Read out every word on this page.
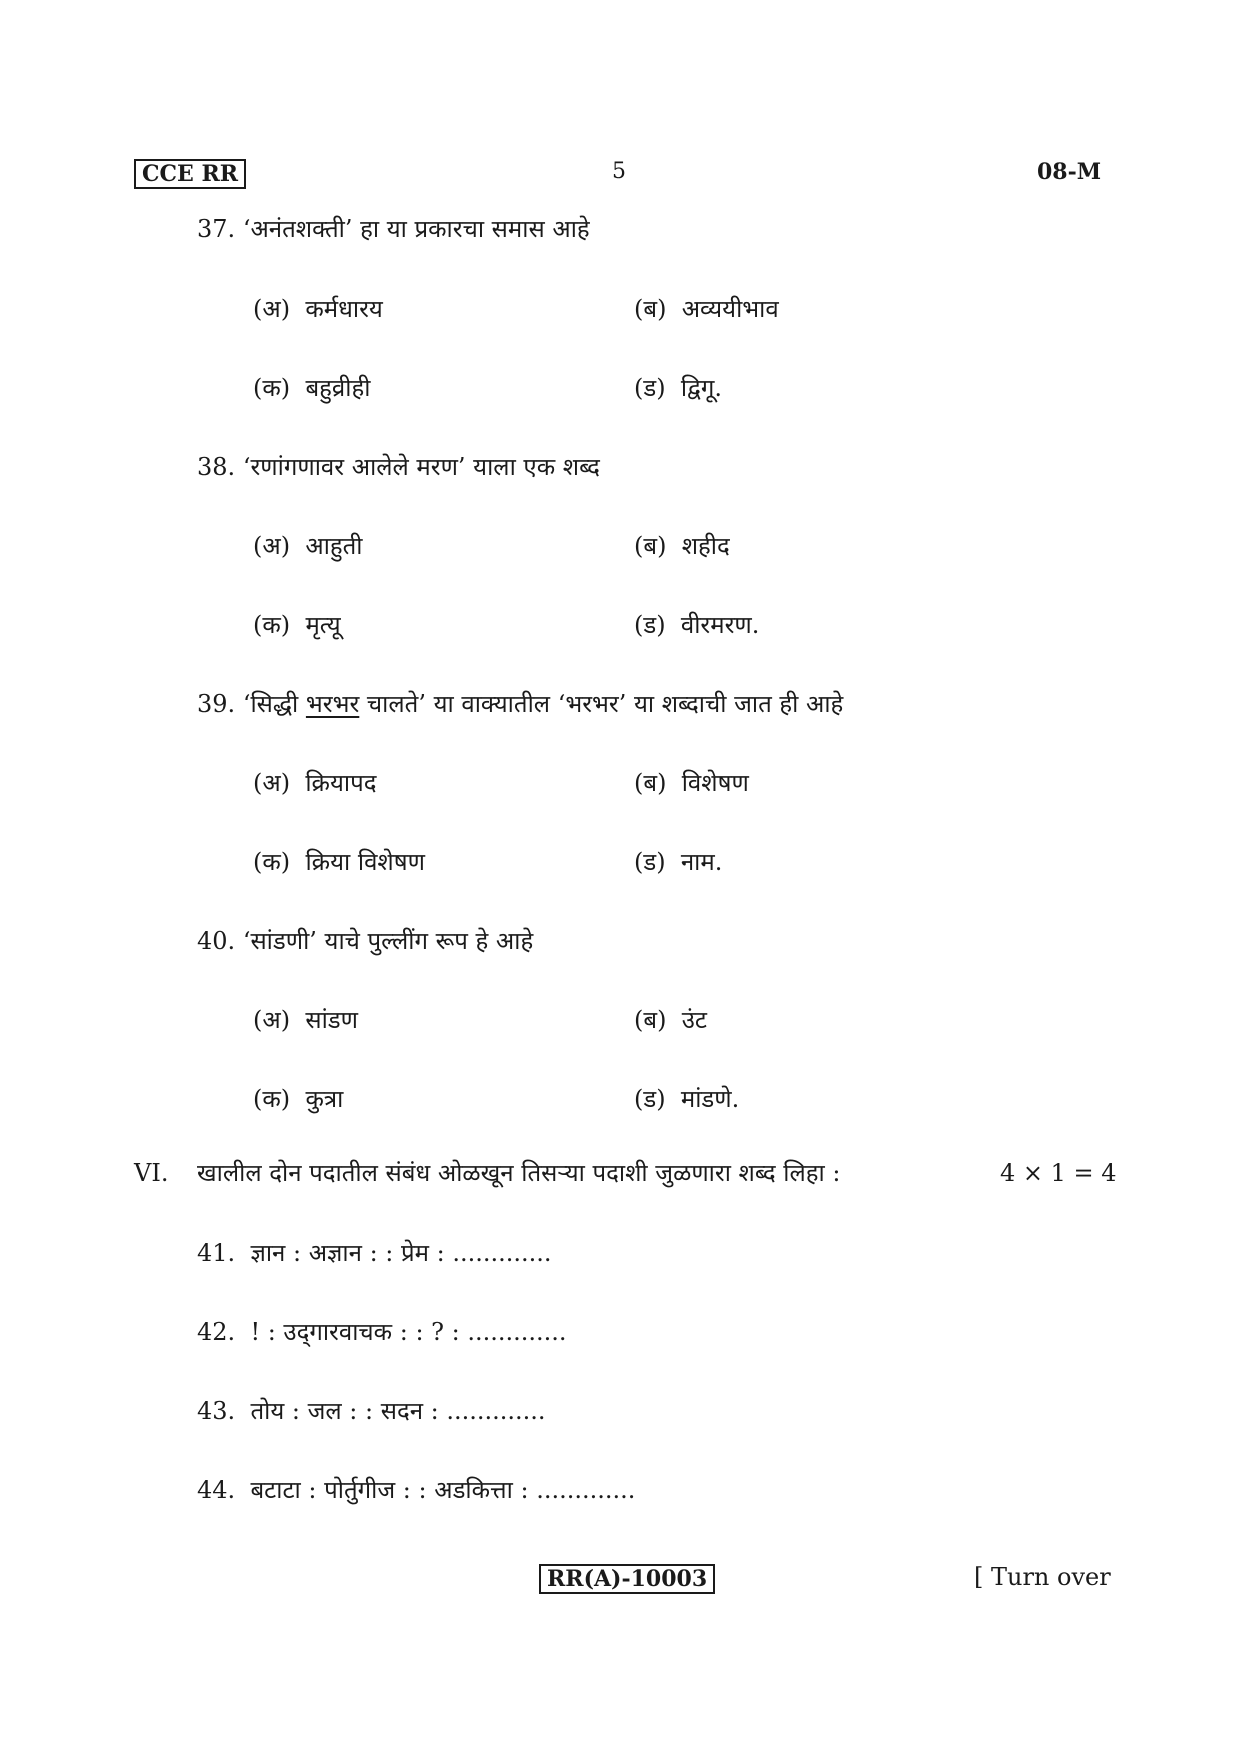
CCE RR	5	08-M
37. ‘अनंतशक्ती’ हा या प्रकारचा समास आहे
(अ) कर्मधारय	(ब) अव्ययीभाव
(क) बहुव्रीही	(ड) द्विगू.
38. ‘रणांगणावर आलेले मरण’ याला एक शब्द
(अ) आहुती	(ब) शहीद
(क) मृत्यू	(ड) वीरमरण.
39. ‘सिद्धी भरभर चालते’ या वाक्यातील ‘भरभर’ या शब्दाची जात ही आहे
(अ) क्रियापद	(ब) विशेषण
(क) क्रिया विशेषण	(ड) नाम.
40. ‘सांडणी’ याचे पुल्लींग रूप हे आहे
(अ) सांडण	(ब) उंट
(क) कुत्रा	(ड) मांडणे.
VI. खालील दोन पदातील संबंध ओळखून तिसऱ्या पदाशी जुळणारा शब्द लिहा :	4 × 1 = 4
41. ज्ञान : अज्ञान : : प्रेम : .............
42. ! : उद्‌गारवाचक : : ? : .............
43. तोय : जल : : सदन : .............
44. बटाटा : पोर्तुगीज : : अडकित्ता : .............
RR(A)-10003	[ Turn over
